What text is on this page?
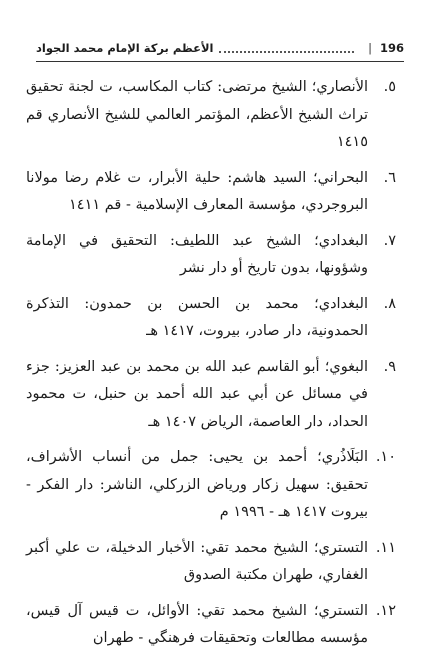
الأعظم بركة الإمام محمد الجواد	| 196
٥.
الأنصاري؛ الشيخ مرتضى: كتاب المكاسب، ت لجنة تحقيق تراث الشيخ الأعظم، المؤتمر العالمي للشيخ الأنصاري قم ١٤١٥
٦.
البحراني؛ السيد هاشم: حلية الأبرار، ت غلام رضا مولانا البروجردي، مؤسسة المعارف الإسلامية - قم ١٤١١
٧.
البغدادي؛ الشيخ عبد اللطيف: التحقيق في الإمامة وشؤونها، بدون تاريخ أو دار نشر
٨.
البغدادي؛ محمد بن الحسن بن حمدون: التذكرة الحمدونية، دار صادر، بيروت، ١٤١٧ هـ
٩.
البغوي؛ أبو القاسم عبد الله بن محمد بن عبد العزيز: جزء في مسائل عن أبي عبد الله أحمد بن حنبل، ت محمود الحداد، دار العاصمة، الرياض ١٤٠٧ هـ
١٠.
البَلَاذُري؛ أحمد بن يحيى: جمل من أنساب الأشراف، تحقيق: سهيل زكار ورياض الزركلي، الناشر: دار الفكر - بيروت ١٤١٧ هـ - ١٩٩٦ م
١١.
التستري؛ الشيخ محمد تقي: الأخبار الدخيلة، ت علي أكبر الغفاري، طهران مكتبة الصدوق
١٢.
التستري؛ الشيخ محمد تقي: الأوائل، ت قيس آل قيس، مؤسسه مطالعات وتحقيقات فرهنگي - طهران
